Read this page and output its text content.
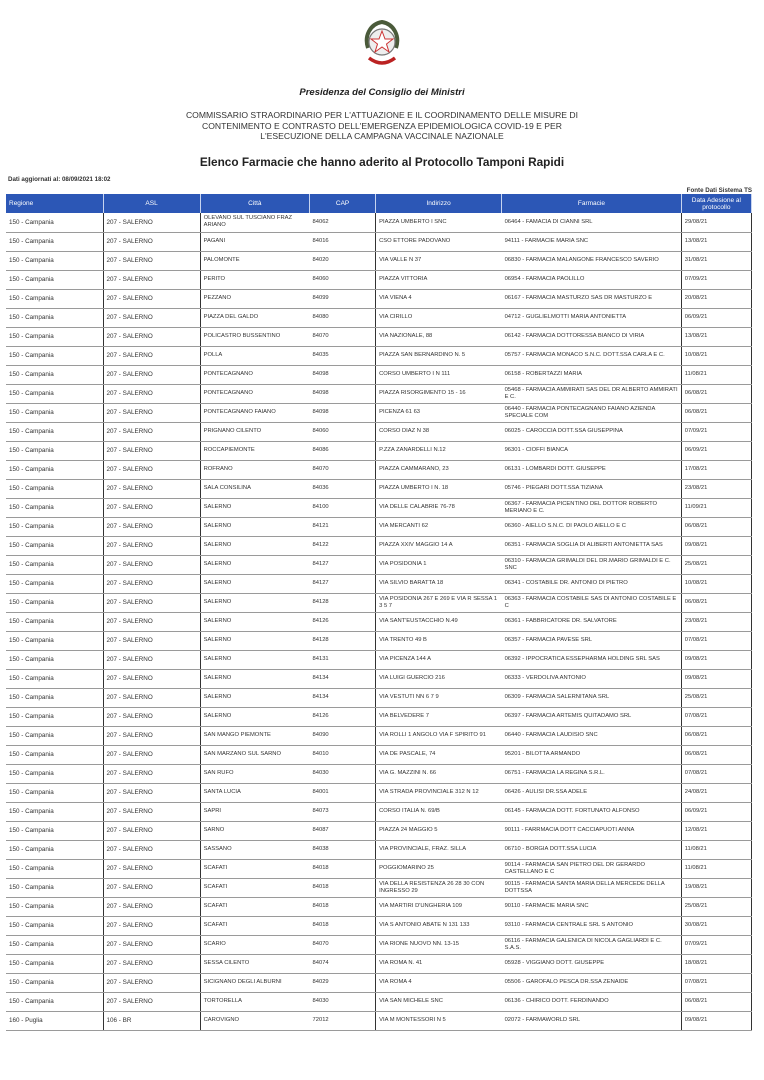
Presidenza del Consiglio dei Ministri
COMMISSARIO STRAORDINARIO PER L'ATTUAZIONE E IL COORDINAMENTO DELLE MISURE DI
CONTENIMENTO E CONTRASTO DELL'EMERGENZA EPIDEMIOLOGICA COVID-19 E PER
L'ESECUZIONE DELLA CAMPAGNA VACCINALE NAZIONALE
Elenco Farmacie che hanno aderito al Protocollo Tamponi Rapidi
Dati aggiornati al: 08/09/2021 18:02
Fonte Dati Sistema TS
Regione	ASL	Città	CAP	Indirizzo	Farmacie	Data Adesione al protocollo
150 - Campania	207 - SALERNO	OLEVANO SUL TUSCIANO FRAZ ARIANO	84062	PIAZZA UMBERTO I SNC	06464 - FAMACIA DI CIANNI SRL	29/08/21
150 - Campania	207 - SALERNO	PAGANI	84016	CSO ETTORE PADOVANO	94111 - FARMACIE MARIA SNC	13/08/21
150 - Campania	207 - SALERNO	PALOMONTE	84020	VIA VALLE N 37	06830 - FARMACIA MALANGONE FRANCESCO SAVERIO	31/08/21
150 - Campania	207 - SALERNO	PERITO	84060	PIAZZA VITTORIA	06954 - FARMACIA PAOLILLO	07/09/21
150 - Campania	207 - SALERNO	PEZZANO	84099	VIA VIENA 4	06167 - FARMACIA MASTURZO SAS DR MASTURZO E	20/08/21
150 - Campania	207 - SALERNO	PIAZZA DEL GALDO	84080	VIA CIRILLO	04712 - GUGLIELMOTTI MARIA ANTONIETTA	06/09/21
150 - Campania	207 - SALERNO	POLICASTRO BUSSENTINO	84070	VIA NAZIONALE, 88	06142 - FARMACIA DOTTORESSA BIANCO DI VIRIA	13/08/21
150 - Campania	207 - SALERNO	POLLA	84035	PIAZZA SAN BERNARDINO N. 5	05757 - FARMACIA MONACO S.N.C. DOTT.SSA CARLA E C.	10/08/21
150 - Campania	207 - SALERNO	PONTECAGNANO	84098	CORSO UMBERTO I N 111	06158 - ROBERTAZZI MARIA	11/08/21
150 - Campania	207 - SALERNO	PONTECAGNANO	84098	PIAZZA RISORGIMENTO 15 - 16	05468 - FARMACIA AMMIRATI SAS DEL DR ALBERTO AMMIRATI E C.	06/08/21
150 - Campania	207 - SALERNO	PONTECAGNANO FAIANO	84098	PICENZA 61 63	06440 - FARMACIA PONTECAGNANO FAIANO AZIENDA SPECIALE COM	06/08/21
150 - Campania	207 - SALERNO	PRIGNANO CILENTO	84060	CORSO DIAZ N 38	06025 - CAROCCIA DOTT.SSA GIUSEPPINA	07/09/21
150 - Campania	207 - SALERNO	ROCCAPIEMONTE	84086	P.ZZA ZANARDELLI N.12	96301 - CIOFFI BIANCA	06/09/21
150 - Campania	207 - SALERNO	ROFRANO	84070	PIAZZA CAMMARANO, 23	06131 - LOMBARDI DOTT. GIUSEPPE	17/08/21
150 - Campania	207 - SALERNO	SALA CONSILINA	84036	PIAZZA UMBERTO I N. 18	05746 - PIEGARI DOTT.SSA TIZIANA	23/08/21
150 - Campania	207 - SALERNO	SALERNO	84100	VIA DELLE CALABRIE 76-78	06367 - FARMACIA PICENTINO DEL DOTTOR ROBERTO MERIANO E C.	11/09/21
150 - Campania	207 - SALERNO	SALERNO	84121	VIA MERCANTI 62	06360 - AIELLO S.N.C. DI PAOLO AIELLO E C	06/08/21
150 - Campania	207 - SALERNO	SALERNO	84122	PIAZZA XXIV MAGGIO 14 A	06351 - FARMACIA SOGLIA DI ALIBERTI ANTONIETTA SAS	09/08/21
150 - Campania	207 - SALERNO	SALERNO	84127	VIA POSIDONIA 1	06310 - FARMACIA GRIMALDI DEL DR.MARIO GRIMALDI E C. SNC	25/08/21
150 - Campania	207 - SALERNO	SALERNO	84127	VIA SILVIO BARATTA 18	06341 - COSTABILE DR. ANTONIO DI PIETRO	10/08/21
150 - Campania	207 - SALERNO	SALERNO	84128	VIA POSIDONIA 267 E 269 E VIA R SESSA 1 3 5 7	06363 - FARMACIA COSTABILE SAS DI ANTONIO COSTABILE E C	06/08/21
150 - Campania	207 - SALERNO	SALERNO	84126	VIA SANT'EUSTACCHIO N.49	06361 - FABBRICATORE DR. SALVATORE	23/08/21
150 - Campania	207 - SALERNO	SALERNO	84128	VIA TRENTO 49 B	06357 - FARMACIA PAVESE SRL	07/08/21
150 - Campania	207 - SALERNO	SALERNO	84131	VIA PICENZA 144 A	06392 - IPPOCRATICA ESSEPHARMA HOLDING SRL SAS	09/08/21
150 - Campania	207 - SALERNO	SALERNO	84134	VIA LUIGI GUERCIO 216	06333 - VERDOLIVA ANTONIO	09/08/21
150 - Campania	207 - SALERNO	SALERNO	84134	VIA VESTUTI NN 6 7 9	06309 - FARMACIA SALERNITANA SRL	25/08/21
150 - Campania	207 - SALERNO	SALERNO	84126	VIA BELVEDERE 7	06397 - FARMACIA ARTEMIS QUITADAMO SRL	07/08/21
150 - Campania	207 - SALERNO	SAN MANGO PIEMONTE	84090	VIA ROLLI 1 ANGOLO VIA F SPIRITO 91	06440 - FARMACIA LAUDISIO SNC	06/08/21
150 - Campania	207 - SALERNO	SAN MARZANO SUL SARNO	84010	VIA DE PASCALE, 74	95201 - BILOTTA ARMANDO	06/08/21
150 - Campania	207 - SALERNO	SAN RUFO	84030	VIA G. MAZZINI N. 66	06751 - FARMACIA LA REGINA S.R.L.	07/08/21
150 - Campania	207 - SALERNO	SANTA LUCIA	84001	VIA STRADA PROVINCIALE 312 N 12	06426 - AULISI DR.SSA ADELE	24/08/21
150 - Campania	207 - SALERNO	SAPRI	84073	CORSO ITALIA N. 69/B	06145 - FARMACIA DOTT. FORTUNATO ALFONSO	06/09/21
150 - Campania	207 - SALERNO	SARNO	84087	PIAZZA 24 MAGGIO 5	90111 - FARRMACIA DOTT CACCIAPUOTI ANNA	12/08/21
150 - Campania	207 - SALERNO	SASSANO	84038	VIA PROVINCIALE, FRAZ. SILLA	06710 - BORGIA DOTT.SSA LUCIA	11/08/21
150 - Campania	207 - SALERNO	SCAFATI	84018	POGGIOMARINO 25	90114 - FARMACIA SAN PIETRO DEL DR GERARDO CASTELLANO E C	11/08/21
150 - Campania	207 - SALERNO	SCAFATI	84018	VIA DELLA RESISTENZA 26 28 30 CON INGRESSO 29	90115 - FARMACIA SANTA MARIA DELLA MERCEDE DELLA DOTTSSA	19/08/21
150 - Campania	207 - SALERNO	SCAFATI	84018	VIA MARTIRI D'UNGHERIA 109	90110 - FARMACIE MARIA SNC	25/08/21
150 - Campania	207 - SALERNO	SCAFATI	84018	VIA S ANTONIO ABATE N 131 133	93110 - FARMACIA CENTRALE SRL S ANTONIO	30/08/21
150 - Campania	207 - SALERNO	SCARIO	84070	VIA RIONE NUOVO NN. 13-15	06116 - FARMACIA GALENICA DI NICOLA GAGLIARDI E C. S.A.S.	07/09/21
150 - Campania	207 - SALERNO	SESSA CILENTO	84074	VIA ROMA N. 41	05928 - VIGGIANO DOTT. GIUSEPPE	18/08/21
150 - Campania	207 - SALERNO	SICIGNANO DEGLI ALBURNI	84029	VIA ROMA 4	05506 - GAROFALO PESCA DR.SSA ZENAIDE	07/08/21
150 - Campania	207 - SALERNO	TORTORELLA	84030	VIA SAN MICHELE SNC	06136 - CHIRICO DOTT. FERDINANDO	06/08/21
160 - Puglia	106 - BR	CAROVIGNO	72012	VIA M MONTESSORI N 5	02072 - FARMAWORLD SRL	09/08/21
